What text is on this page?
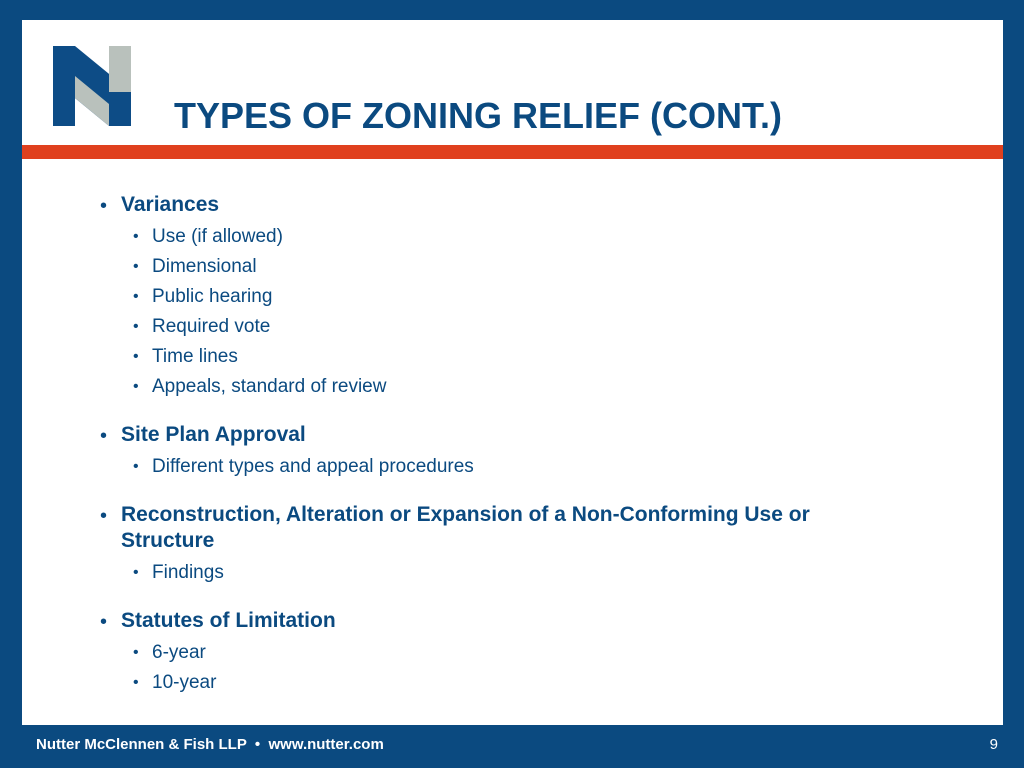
TYPES OF ZONING RELIEF (CONT.)
• Variances
• Use (if allowed)
• Dimensional
• Public hearing
• Required vote
• Time lines
• Appeals, standard of review
• Site Plan Approval
• Different types and appeal procedures
• Reconstruction, Alteration or Expansion of a Non-Conforming Use or Structure
• Findings
• Statutes of Limitation
• 6-year
• 10-year
Nutter McClennen & Fish LLP  •  www.nutter.com	9
